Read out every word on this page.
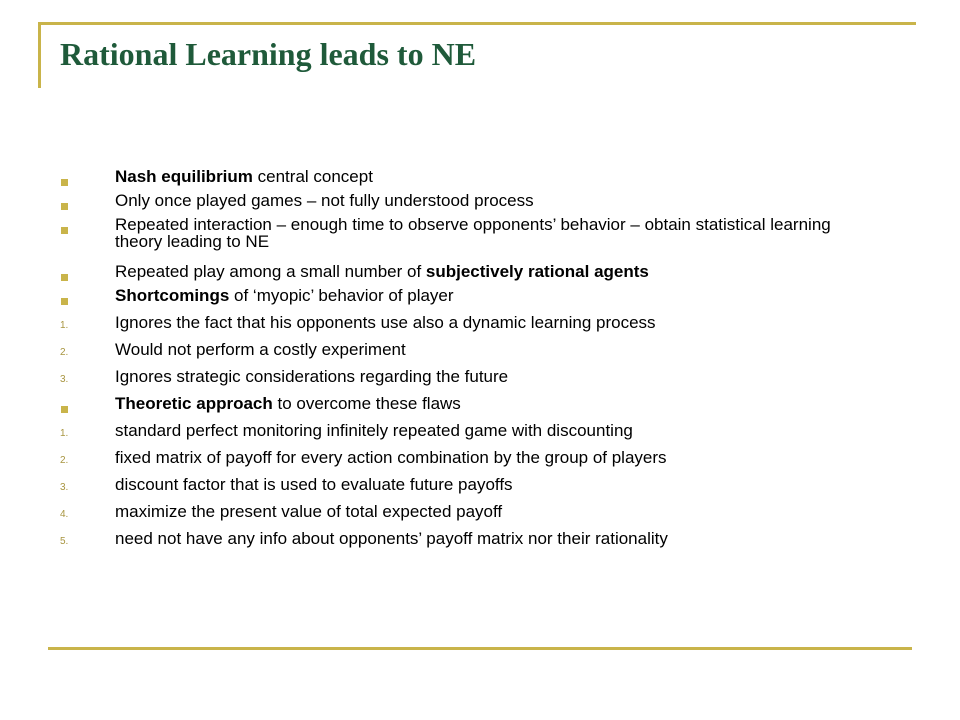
Rational Learning leads to NE
Nash equilibrium central concept
Only once played games – not fully understood process
Repeated interaction – enough time to observe opponents’ behavior – obtain statistical learning theory leading to NE
Repeated play among a small number of subjectively rational agents
Shortcomings of ‘myopic’ behavior of player
1.	Ignores the fact that his opponents use also a dynamic learning process
2.	Would not perform a costly experiment
3.	Ignores strategic considerations regarding the future
Theoretic approach to overcome these flaws
1.	standard perfect monitoring infinitely repeated game with discounting
2.	fixed matrix of payoff for every action combination by the group of players
3.	discount factor that is used to evaluate future payoffs
4.	maximize the present value of total expected payoff
5.	need not have any info about opponents’ payoff matrix nor their rationality
